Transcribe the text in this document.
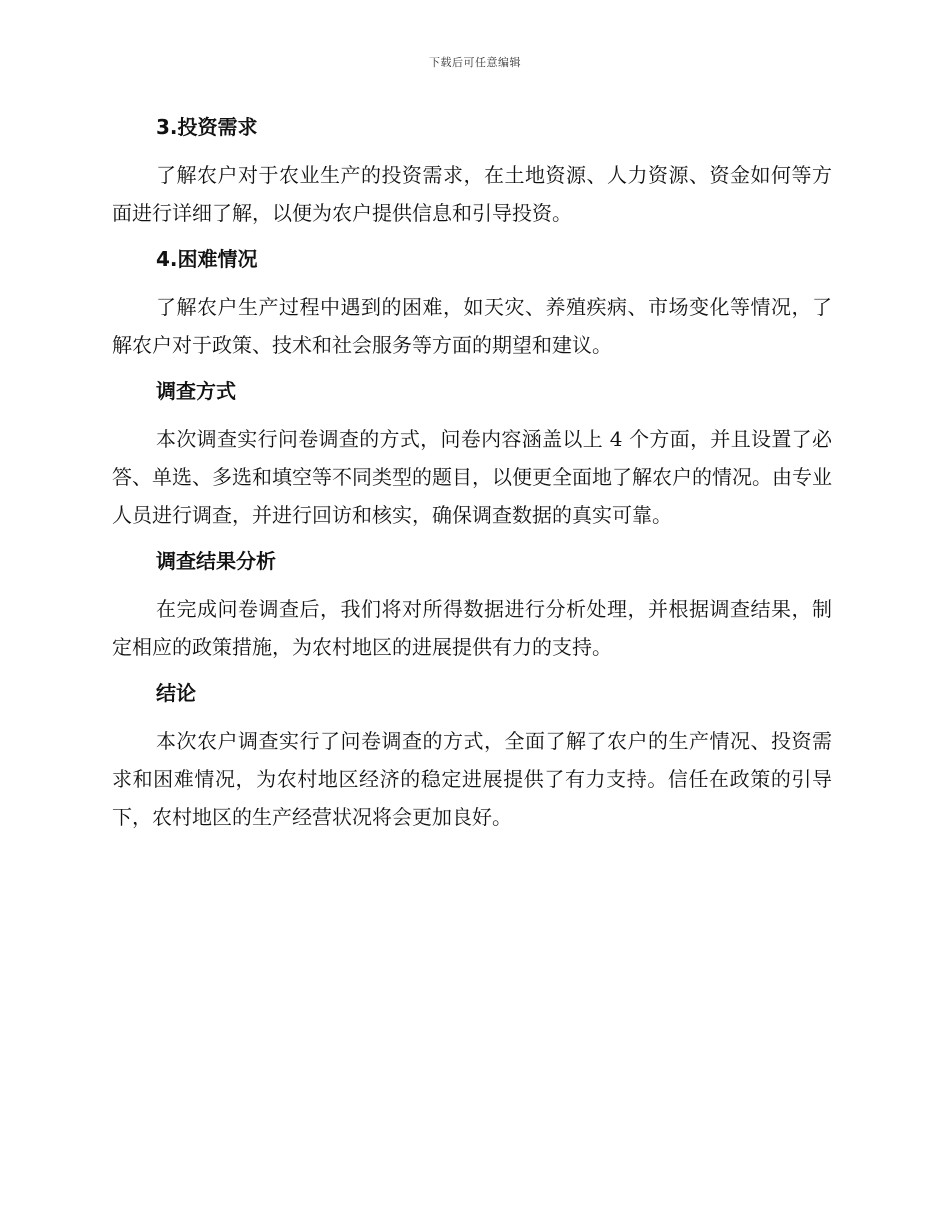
下载后可任意编辑
3.投资需求

了解农户对于农业生产的投资需求，在土地资源、人力资源、资金如何等方面进行详细了解，以便为农户提供信息和引导投资。

4.困难情况

了解农户生产过程中遇到的困难，如天灾、养殖疾病、市场变化等情况，了解农户对于政策、技术和社会服务等方面的期望和建议。

调查方式

本次调查实行问卷调查的方式，问卷内容涵盖以上 4 个方面，并且设置了必答、单选、多选和填空等不同类型的题目，以便更全面地了解农户的情况。由专业人员进行调查，并进行回访和核实，确保调查数据的真实可靠。

调查结果分析

在完成问卷调查后，我们将对所得数据进行分析处理，并根据调查结果，制定相应的政策措施，为农村地区的进展提供有力的支持。

结论

本次农户调查实行了问卷调查的方式，全面了解了农户的生产情况、投资需求和困难情况，为农村地区经济的稳定进展提供了有力支持。信任在政策的引导下，农村地区的生产经营状况将会更加良好。
